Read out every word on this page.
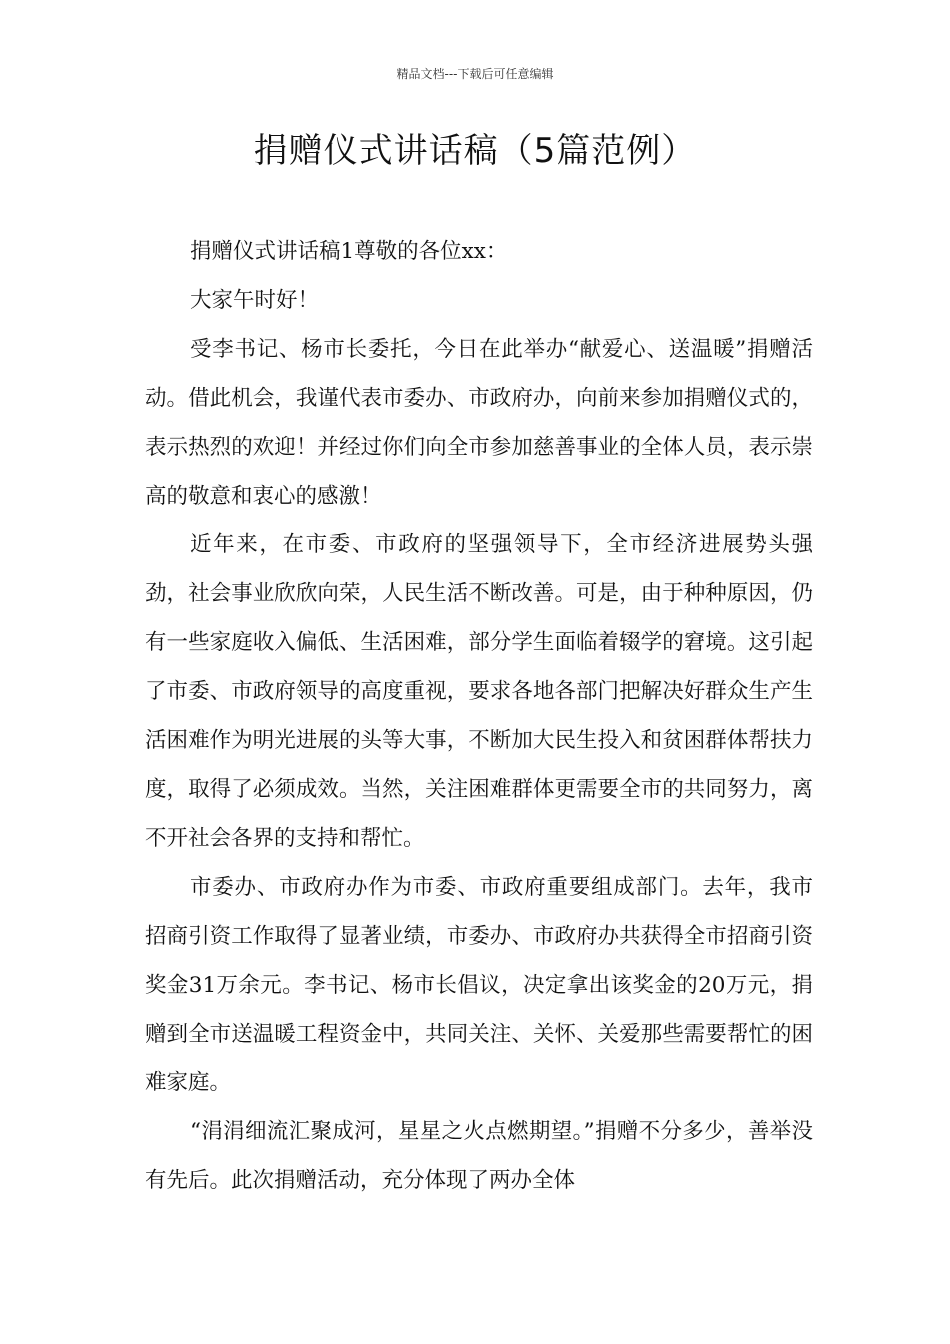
精品文档---下载后可任意编辑
捐赠仪式讲话稿（5篇范例）

捐赠仪式讲话稿1尊敬的各位xx：

大家午时好！

受李书记、杨市长委托，今日在此举办“献爱心、送温暖”捐赠活动。借此机会，我谨代表市委办、市政府办，向前来参加捐赠仪式的，表示热烈的欢迎！并经过你们向全市参加慈善事业的全体人员，表示崇高的敬意和衷心的感激！

近年来，在市委、市政府的坚强领导下，全市经济进展势头强劲，社会事业欣欣向荣，人民生活不断改善。可是，由于种种原因，仍有一些家庭收入偏低、生活困难，部分学生面临着辍学的窘境。这引起了市委、市政府领导的高度重视，要求各地各部门把解决好群众生产生活困难作为明光进展的头等大事，不断加大民生投入和贫困群体帮扶力度，取得了必须成效。当然，关注困难群体更需要全市的共同努力，离不开社会各界的支持和帮忙。

市委办、市政府办作为市委、市政府重要组成部门。去年，我市招商引资工作取得了显著业绩，市委办、市政府办共获得全市招商引资奖金31万余元。李书记、杨市长倡议，决定拿出该奖金的20万元，捐赠到全市送温暖工程资金中，共同关注、关怀、关爱那些需要帮忙的困难家庭。

“涓涓细流汇聚成河，星星之火点燃期望。”捐赠不分多少，善举没有先后。此次捐赠活动，充分体现了两办全体
